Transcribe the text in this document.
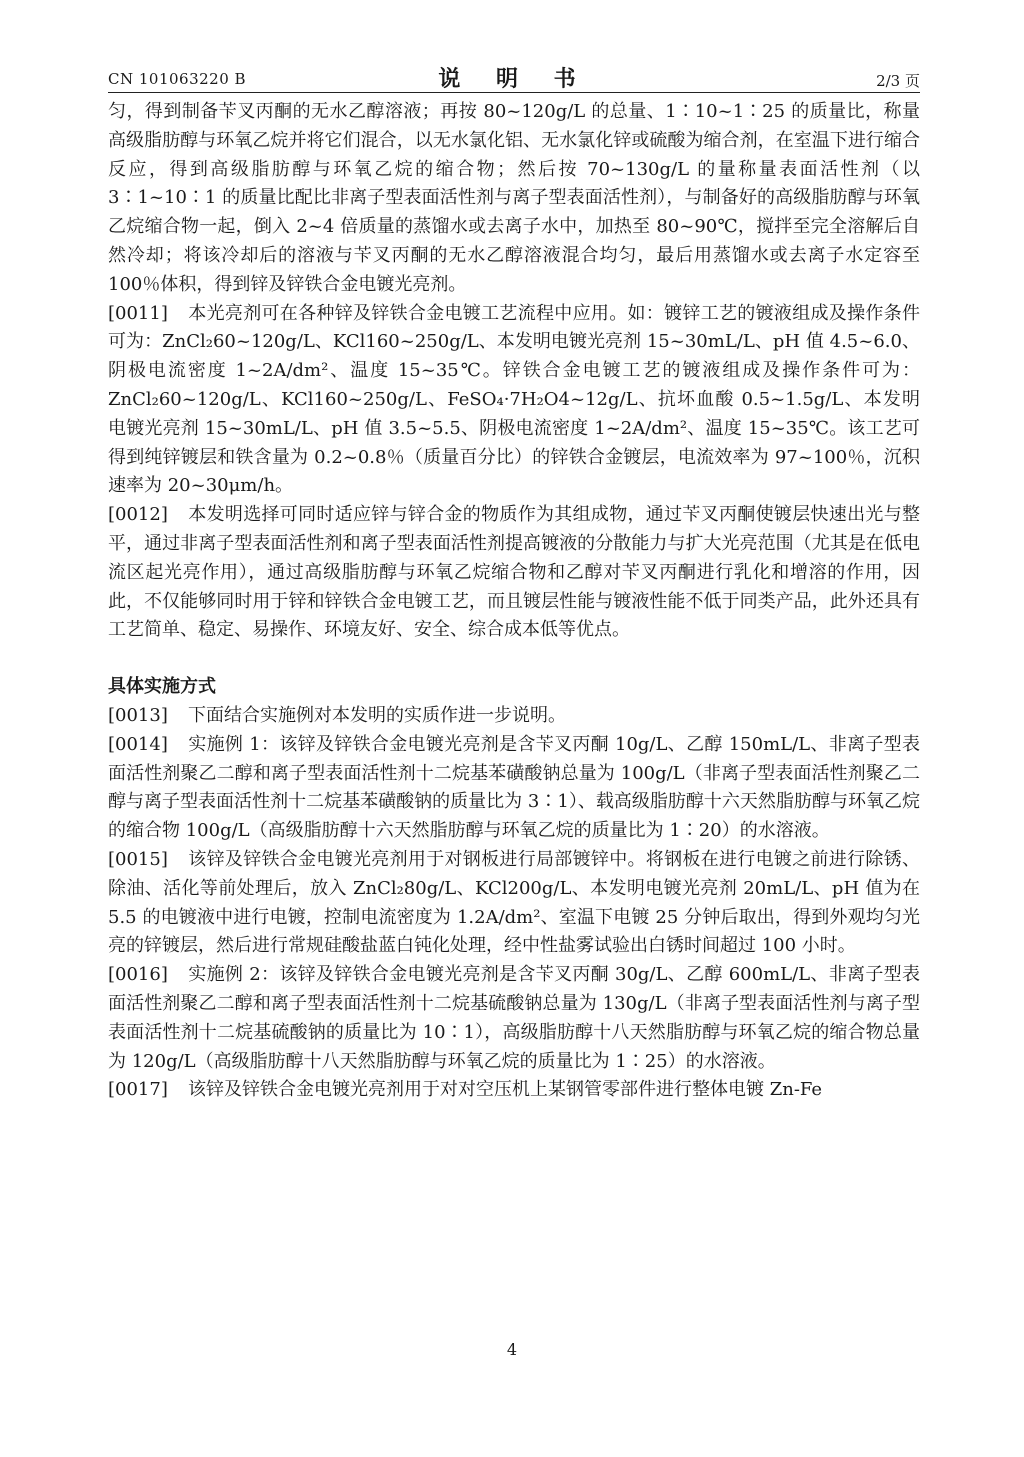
CN 101063220 B	说 明 书	2/3 页

匀，得到制备苄叉丙酮的无水乙醇溶液；再按 80~120g/L 的总量、1∶10~1∶25 的质量比，称量高级脂肪醇与环氧乙烷并将它们混合，以无水氯化铝、无水氯化锌或硫酸为缩合剂，在室温下进行缩合反应，得到高级脂肪醇与环氧乙烷的缩合物；然后按 70~130g/L 的量称量表面活性剂（以 3∶1~10∶1 的质量比配比非离子型表面活性剂与离子型表面活性剂），与制备好的高级脂肪醇与环氧乙烷缩合物一起，倒入 2~4 倍质量的蒸馏水或去离子水中，加热至 80~90℃，搅拌至完全溶解后自然冷却；将该冷却后的溶液与苄叉丙酮的无水乙醇溶液混合均匀，最后用蒸馏水或去离子水定容至 100％体积，得到锌及锌铁合金电镀光亮剂。

[0011] 本光亮剂可在各种锌及锌铁合金电镀工艺流程中应用。如：镀锌工艺的镀液组成及操作条件可为：ZnCl₂60~120g/L、KCl160~250g/L、本发明电镀光亮剂 15~30mL/L、pH 值 4.5~6.0、阴极电流密度 1~2A/dm²、温度 15~35℃。锌铁合金电镀工艺的镀液组成及操作条件可为：ZnCl₂60~120g/L、KCl160~250g/L、FeSO₄·7H₂O4~12g/L、抗坏血酸 0.5~1.5g/L、本发明电镀光亮剂 15~30mL/L、pH 值 3.5~5.5、阴极电流密度 1~2A/dm²、温度 15~35℃。该工艺可得到纯锌镀层和铁含量为 0.2~0.8％（质量百分比）的锌铁合金镀层，电流效率为 97~100％，沉积速率为 20~30μm/h。

[0012] 本发明选择可同时适应锌与锌合金的物质作为其组成物，通过苄叉丙酮使镀层快速出光与整平，通过非离子型表面活性剂和离子型表面活性剂提高镀液的分散能力与扩大光亮范围（尤其是在低电流区起光亮作用），通过高级脂肪醇与环氧乙烷缩合物和乙醇对苄叉丙酮进行乳化和增溶的作用，因此，不仅能够同时用于锌和锌铁合金电镀工艺，而且镀层性能与镀液性能不低于同类产品，此外还具有工艺简单、稳定、易操作、环境友好、安全、综合成本低等优点。

具体实施方式

[0013] 下面结合实施例对本发明的实质作进一步说明。

[0014] 实施例 1：该锌及锌铁合金电镀光亮剂是含苄叉丙酮 10g/L、乙醇 150mL/L、非离子型表面活性剂聚乙二醇和离子型表面活性剂十二烷基苯磺酸钠总量为 100g/L（非离子型表面活性剂聚乙二醇与离子型表面活性剂十二烷基苯磺酸钠的质量比为 3∶1）、载高级脂肪醇十六天然脂肪醇与环氧乙烷的缩合物 100g/L（高级脂肪醇十六天然脂肪醇与环氧乙烷的质量比为 1∶20）的水溶液。

[0015] 该锌及锌铁合金电镀光亮剂用于对钢板进行局部镀锌中。将钢板在进行电镀之前进行除锈、除油、活化等前处理后，放入 ZnCl₂80g/L、KCl200g/L、本发明电镀光亮剂 20mL/L、pH 值为在 5.5 的电镀液中进行电镀，控制电流密度为 1.2A/dm²、室温下电镀 25 分钟后取出，得到外观均匀光亮的锌镀层，然后进行常规硅酸盐蓝白钝化处理，经中性盐雾试验出白锈时间超过 100 小时。

[0016] 实施例 2：该锌及锌铁合金电镀光亮剂是含苄叉丙酮 30g/L、乙醇 600mL/L、非离子型表面活性剂聚乙二醇和离子型表面活性剂十二烷基硫酸钠总量为 130g/L（非离子型表面活性剂与离子型表面活性剂十二烷基硫酸钠的质量比为 10∶1），高级脂肪醇十八天然脂肪醇与环氧乙烷的缩合物总量为 120g/L（高级脂肪醇十八天然脂肪醇与环氧乙烷的质量比为 1∶25）的水溶液。

[0017] 该锌及锌铁合金电镀光亮剂用于对对空压机上某钢管零部件进行整体电镀 Zn-Fe

4
